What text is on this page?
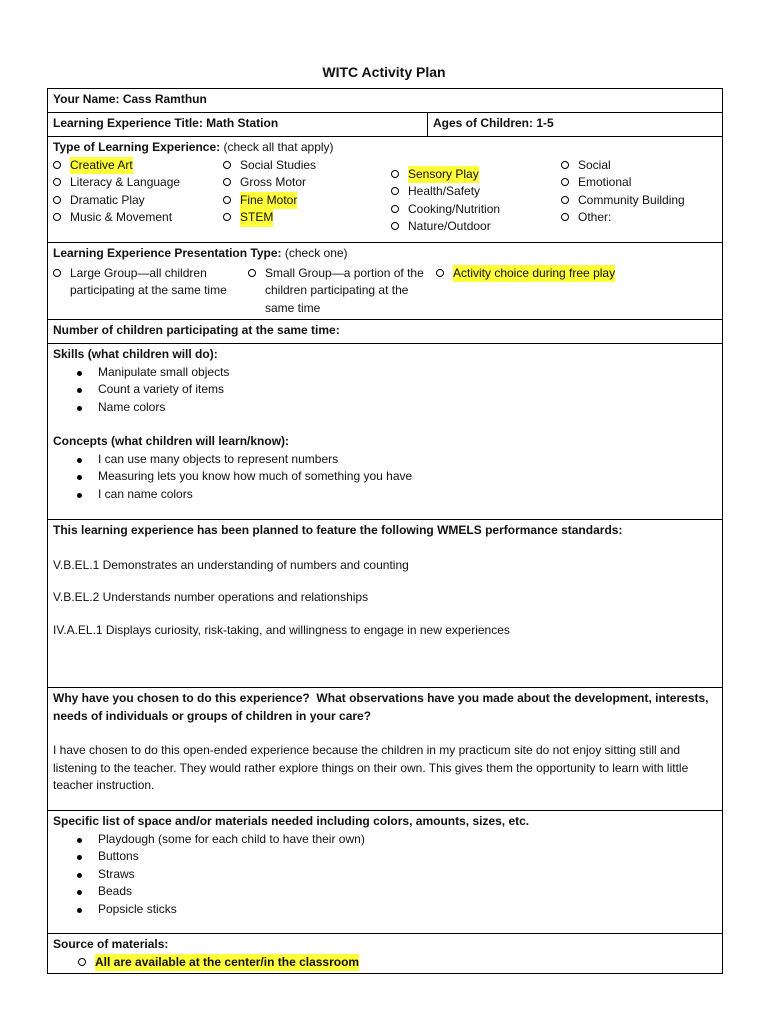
WITC Activity Plan
Your Name: Cass Ramthun
Learning Experience Title: Math Station	Ages of Children: 1-5

Type of Learning Experience: (check all that apply)
Creative Art
Literacy & Language
Dramatic Play
Music & Movement
Social Studies
Gross Motor
Fine Motor
STEM
Sensory Play
Health/Safety
Cooking/Nutrition
Nature/Outdoor
Social
Emotional
Community Building
Other:

Learning Experience Presentation Type: (check one)
Large Group—all children participating at the same time
Small Group—a portion of the children participating at the same time
Activity choice during free play

Number of children participating at the same time:

Skills (what children will do):
Manipulate small objects
Count a variety of items
Name colors
Concepts (what children will learn/know):
I can use many objects to represent numbers
Measuring lets you know how much of something you have
I can name colors

This learning experience has been planned to feature the following WMELS performance standards:
V.B.EL.1 Demonstrates an understanding of numbers and counting
V.B.EL.2 Understands number operations and relationships
IV.A.EL.1 Displays curiosity, risk-taking, and willingness to engage in new experiences

Why have you chosen to do this experience? What observations have you made about the development, interests, needs of individuals or groups of children in your care?

I have chosen to do this open-ended experience because the children in my practicum site do not enjoy sitting still and listening to the teacher. They would rather explore things on their own. This gives them the opportunity to learn with little teacher instruction.

Specific list of space and/or materials needed including colors, amounts, sizes, etc.
Playdough (some for each child to have their own)
Buttons
Straws
Beads
Popsicle sticks

Source of materials:
All are available at the center/in the classroom
